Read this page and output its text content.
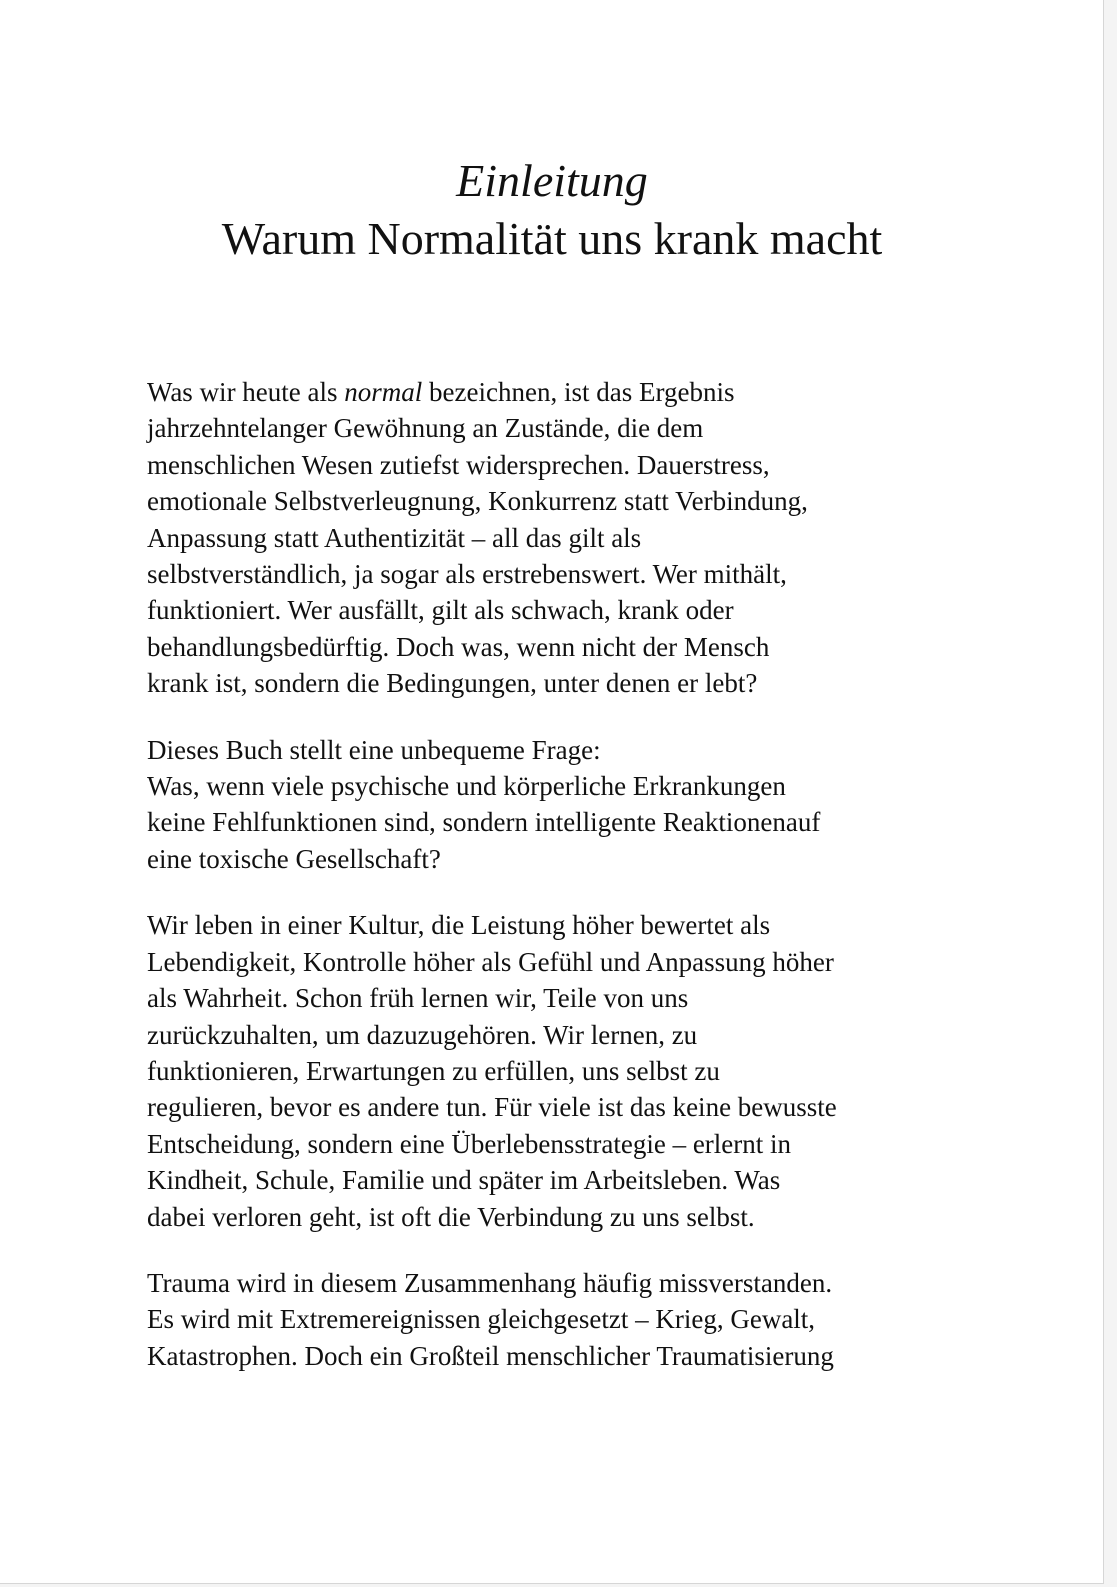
Einleitung
Warum Normalität uns krank macht

Was wir heute als normal bezeichnen, ist das Ergebnis
jahrzehntelanger Gewöhnung an Zustände, die dem
menschlichen Wesen zutiefst widersprechen. Dauerstress,
emotionale Selbstverleugnung, Konkurrenz statt Verbindung,
Anpassung statt Authentizität – all das gilt als
selbstverständlich, ja sogar als erstrebenswert. Wer mithält,
funktioniert. Wer ausfällt, gilt als schwach, krank oder
behandlungsbedürftig. Doch was, wenn nicht der Mensch
krank ist, sondern die Bedingungen, unter denen er lebt?

Dieses Buch stellt eine unbequeme Frage:
Was, wenn viele psychische und körperliche Erkrankungen
keine Fehlfunktionen sind, sondern intelligente Reaktionenauf
eine toxische Gesellschaft?

Wir leben in einer Kultur, die Leistung höher bewertet als
Lebendigkeit, Kontrolle höher als Gefühl und Anpassung höher
als Wahrheit. Schon früh lernen wir, Teile von uns
zurückzuhalten, um dazuzugehören. Wir lernen, zu
funktionieren, Erwartungen zu erfüllen, uns selbst zu
regulieren, bevor es andere tun. Für viele ist das keine bewusste
Entscheidung, sondern eine Überlebensstrategie – erlernt in
Kindheit, Schule, Familie und später im Arbeitsleben. Was
dabei verloren geht, ist oft die Verbindung zu uns selbst.

Trauma wird in diesem Zusammenhang häufig missverstanden.
Es wird mit Extremereignissen gleichgesetzt – Krieg, Gewalt,
Katastrophen. Doch ein Großteil menschlicher Traumatisierung
